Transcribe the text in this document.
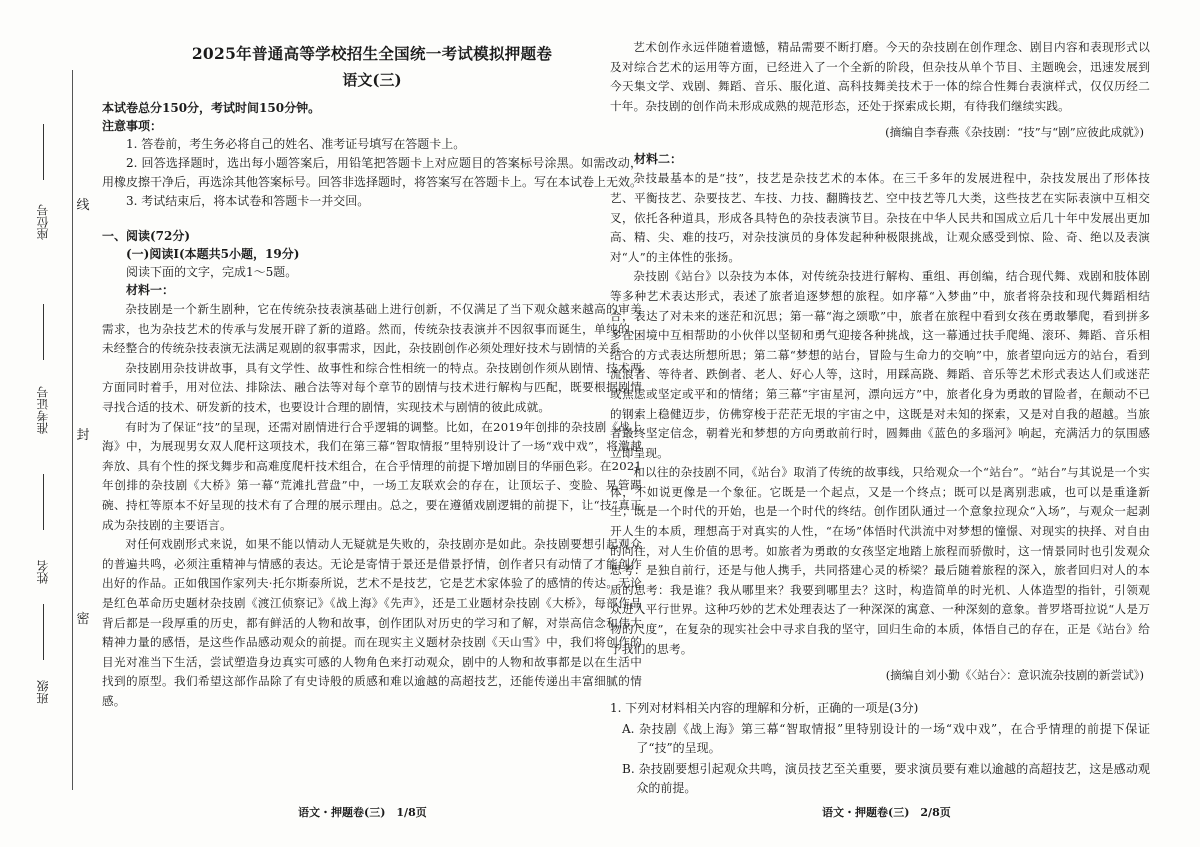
线
封
密
座位号
准考证号
姓名
班级

2025年普通高等学校招生全国统一考试模拟押题卷

语文(三)

本试卷总分150分，考试时间150分钟。

注意事项：

1. 答卷前，考生务必将自己的姓名、准考证号填写在答题卡上。

2. 回答选择题时，选出每小题答案后，用铅笔把答题卡上对应题目的答案标号涂黑。如需改动，用橡皮擦干净后，再选涂其他答案标号。回答非选择题时，将答案写在答题卡上。写在本试卷上无效。

3. 考试结束后，将本试卷和答题卡一并交回。

一、阅读(72分)

(一)阅读Ⅰ(本题共5小题，19分)

阅读下面的文字，完成1～5题。

材料一：

杂技剧是一个新生剧种，它在传统杂技表演基础上进行创新，不仅满足了当下观众越来越高的审美需求，也为杂技艺术的传承与发展开辟了新的道路。然而，传统杂技表演并不因叙事而诞生，单纯的、未经整合的传统杂技表演无法满足观剧的叙事需求，因此，杂技剧创作必须处理好技术与剧情的关系。

杂技剧用杂技讲故事，具有文学性、故事性和综合性相统一的特点。杂技剧创作须从剧情、技术两方面同时着手，用对位法、排除法、融合法等对每个章节的剧情与技术进行解构与匹配，既要根据剧情寻找合适的技术、研发新的技术，也要设计合理的剧情，实现技术与剧情的彼此成就。

有时为了保证“技”的呈现，还需对剧情进行合乎逻辑的调整。比如，在2019年创排的杂技剧《战上海》中，为展现男女双人爬杆这项技术，我们在第三幕“智取情报”里特别设计了一场“戏中戏”，将激越奔放、具有个性的探戈舞步和高难度爬杆技术组合，在合乎情理的前提下增加剧目的华丽色彩。在2021年创排的杂技剧《大桥》第一幕“荒滩扎营盘”中，一场工友联欢会的存在，让顶坛子、变脸、晃管踢碗、持杠等原本不好呈现的技术有了合理的展示理由。总之，要在遵循戏剧逻辑的前提下，让“技”真正成为杂技剧的主要语言。

对任何戏剧形式来说，如果不能以情动人无疑就是失败的，杂技剧亦是如此。杂技剧要想引起观众的普遍共鸣，必须注重精神与情感的表达。无论是寄情于景还是借景抒情，创作者只有动情了才能创作出好的作品。正如俄国作家列夫·托尔斯泰所说，艺术不是技艺，它是艺术家体验了的感情的传达。无论是红色革命历史题材杂技剧《渡江侦察记》《战上海》《先声》，还是工业题材杂技剧《大桥》，每部作品背后都是一段厚重的历史，都有鲜活的人物和故事，创作团队对历史的学习和了解，对崇高信念和伟大精神力量的感悟，是这些作品感动观众的前提。而在现实主义题材杂技剧《天山雪》中，我们将创作的目光对准当下生活，尝试塑造身边真实可感的人物角色来打动观众，剧中的人物和故事都是以在生活中找到的原型。我们希望这部作品除了有史诗般的质感和难以逾越的高超技艺，还能传递出丰富细腻的情感。

艺术创作永远伴随着遗憾，精品需要不断打磨。今天的杂技剧在创作理念、剧目内容和表现形式以及对综合艺术的运用等方面，已经进入了一个全新的阶段，但杂技从单个节目、主题晚会，迅速发展到今天集文学、戏剧、舞蹈、音乐、服化道、高科技舞美技术于一体的综合性舞台表演样式，仅仅历经二十年。杂技剧的创作尚未形成成熟的规范形态，还处于探索成长期，有待我们继续实践。

(摘编自李春燕《杂技剧：“技”与“剧”应彼此成就》)

材料二：

杂技最基本的是“技”，技艺是杂技艺术的本体。在三千多年的发展进程中，杂技发展出了形体技艺、平衡技艺、杂要技艺、车技、力技、翻腾技艺、空中技艺等几大类，这些技艺在实际表演中互相交叉，依托各种道具，形成各具特色的杂技表演节目。杂技在中华人民共和国成立后几十年中发展出更加高、精、尖、难的技巧，对杂技演员的身体发起种种极限挑战，让观众感受到惊、险、奇、绝以及表演对“人”的主体性的张扬。

杂技剧《站台》以杂技为本体，对传统杂技进行解构、重组、再创编，结合现代舞、戏剧和肢体剧等多种艺术表达形式，表述了旅者追逐梦想的旅程。如序幕“入梦曲”中，旅者将杂技和现代舞蹈相结合，表达了对未来的迷茫和沉思；第一幕“海之颂歌”中，旅者在旅程中看到女孩在勇敢攀爬，看到拼多多在困境中互相帮助的小伙伴以坚韧和勇气迎接各种挑战，这一幕通过扶手爬绳、滚环、舞蹈、音乐相结合的方式表达所想所思；第二幕“梦想的站台，冒险与生命力的交响”中，旅者望向远方的站台，看到流浪者、等待者、跌倒者、老人、好心人等，这时，用踩高跷、舞蹈、音乐等艺术形式表达人们或迷茫或焦虑或坚定或平和的情绪；第三幕“宇宙星河，漂向远方”中，旅者化身为勇敢的冒险者，在颠动不已的钢索上稳健迈步，仿佛穿梭于茫茫无垠的宇宙之中，这既是对未知的探索，又是对自我的超越。当旅者最终坚定信念，朝着光和梦想的方向勇敢前行时，圆舞曲《蓝色的多瑙河》响起，充满活力的氛围感立即呈现。

和以往的杂技剧不同，《站台》取消了传统的故事线，只给观众一个“站台”。“站台”与其说是一个实体，不如说更像是一个象征。它既是一个起点，又是一个终点；既可以是离别悲戚，也可以是重逢新生；既是一个时代的开始，也是一个时代的终结。创作团队通过一个意象拉现众“入场”，与观众一起剥开人生的本质，理想高于对真实的人性，“在场”体悟时代洪流中对梦想的憧憬、对现实的抉择、对自由的向往，对人生价值的思考。如旅者为勇敢的女孩坚定地踏上旅程而骄傲时，这一情景同时也引发观众思考：是独自前行，还是与他人携手，共同搭建心灵的桥梁？最后随着旅程的深入，旅者回归对人的本质的思考：我是谁？我从哪里来？我要到哪里去？这时，构造简单的时光机、人体造型的指针，引领观众进入平行世界。这种巧妙的艺术处理表达了一种深深的寓意、一种深刻的意象。普罗塔哥拉说“人是万物的尺度”，在复杂的现实社会中寻求自我的坚守，回归生命的本质，体悟自己的存在，正是《站台》给予我们的思考。

(摘编自刘小勤《〈站台〉：意识流杂技剧的新尝试》)

1. 下列对材料相关内容的理解和分析，正确的一项是(3分)

A. 杂技剧《战上海》第三幕“智取情报”里特别设计的一场“戏中戏”，在合乎情理的前提下保证了“技”的呈现。

B. 杂技剧要想引起观众共鸣，演员技艺至关重要，要求演员要有难以逾越的高超技艺，这是感动观众的前提。

语文・押题卷(三)　1/8页	语文・押题卷(三)　2/8页
